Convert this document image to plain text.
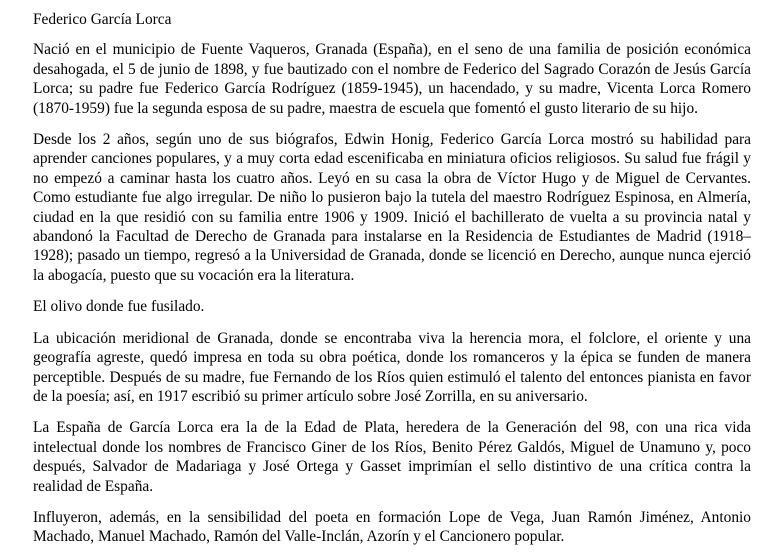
Federico García Lorca

Nació en el municipio de Fuente Vaqueros, Granada (España), en el seno de una familia de posición económica desahogada, el 5 de junio de 1898, y fue bautizado con el nombre de Federico del Sagrado Corazón de Jesús García Lorca; su padre fue Federico García Rodríguez (1859-1945), un hacendado, y su madre, Vicenta Lorca Romero (1870-1959) fue la segunda esposa de su padre, maestra de escuela que fomentó el gusto literario de su hijo.

Desde los 2 años, según uno de sus biógrafos, Edwin Honig, Federico García Lorca mostró su habilidad para aprender canciones populares, y a muy corta edad escenificaba en miniatura oficios religiosos. Su salud fue frágil y no empezó a caminar hasta los cuatro años. Leyó en su casa la obra de Víctor Hugo y de Miguel de Cervantes. Como estudiante fue algo irregular. De niño lo pusieron bajo la tutela del maestro Rodríguez Espinosa, en Almería, ciudad en la que residió con su familia entre 1906 y 1909. Inició el bachillerato de vuelta a su provincia natal y abandonó la Facultad de Derecho de Granada para instalarse en la Residencia de Estudiantes de Madrid (1918–1928); pasado un tiempo, regresó a la Universidad de Granada, donde se licenció en Derecho, aunque nunca ejerció la abogacía, puesto que su vocación era la literatura.

El olivo donde fue fusilado.

La ubicación meridional de Granada, donde se encontraba viva la herencia mora, el folclore, el oriente y una geografía agreste, quedó impresa en toda su obra poética, donde los romanceros y la épica se funden de manera perceptible. Después de su madre, fue Fernando de los Ríos quien estimuló el talento del entonces pianista en favor de la poesía; así, en 1917 escribió su primer artículo sobre José Zorrilla, en su aniversario.

La España de García Lorca era la de la Edad de Plata, heredera de la Generación del 98, con una rica vida intelectual donde los nombres de Francisco Giner de los Ríos, Benito Pérez Galdós, Miguel de Unamuno y, poco después, Salvador de Madariaga y José Ortega y Gasset imprimían el sello distintivo de una crítica contra la realidad de España.

Influyeron, además, en la sensibilidad del poeta en formación Lope de Vega, Juan Ramón Jiménez, Antonio Machado, Manuel Machado, Ramón del Valle-Inclán, Azorín y el Cancionero popular.
